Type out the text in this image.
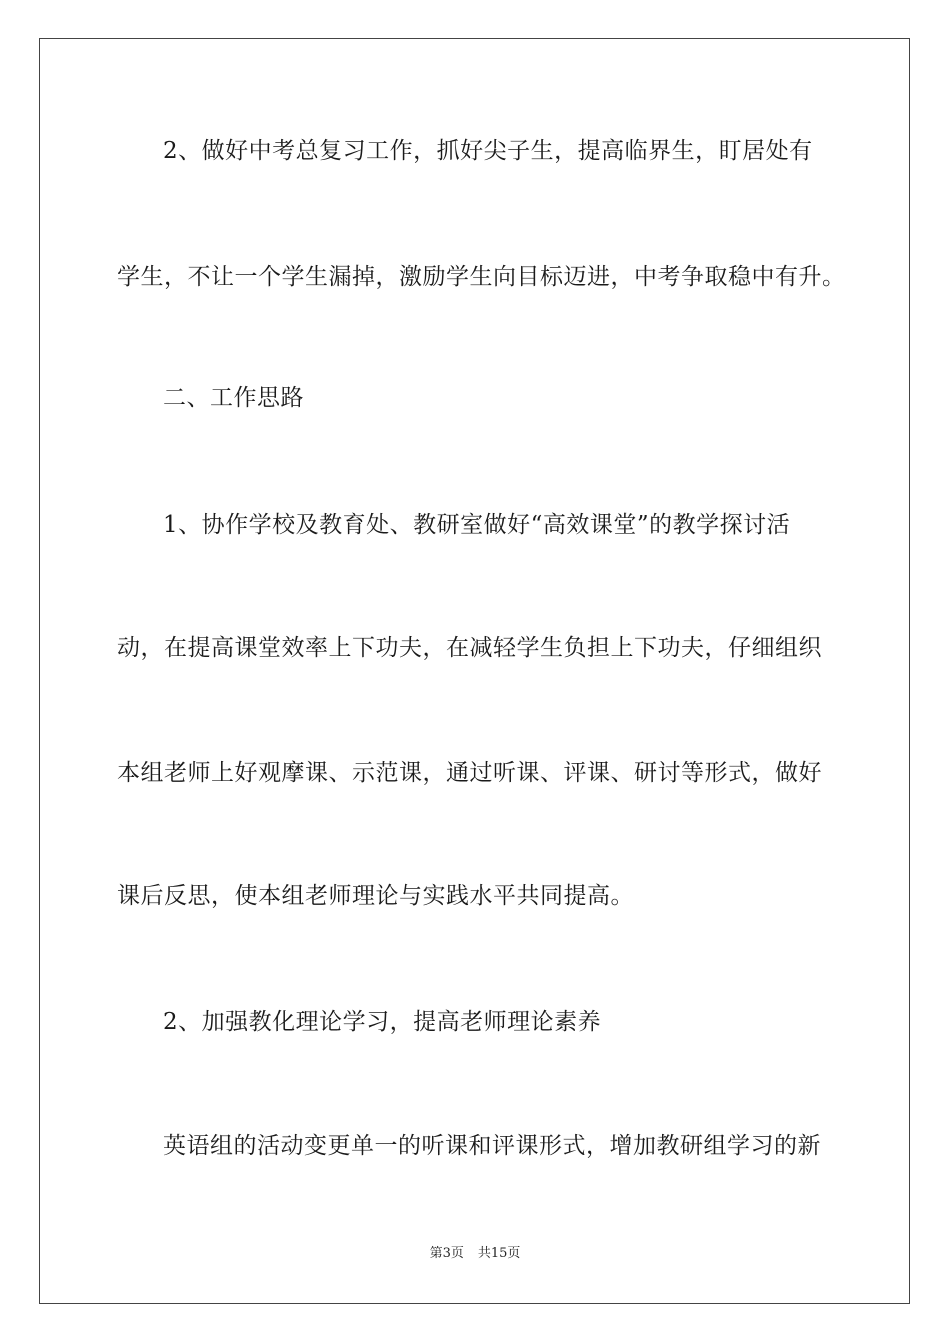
2、做好中考总复习工作，抓好尖子生，提高临界生，盯居处有
学生，不让一个学生漏掉，激励学生向目标迈进，中考争取稳中有升。
二、工作思路
1、协作学校及教育处、教研室做好“高效课堂”的教学探讨活
动，在提高课堂效率上下功夫，在减轻学生负担上下功夫，仔细组织
本组老师上好观摩课、示范课，通过听课、评课、研讨等形式，做好
课后反思，使本组老师理论与实践水平共同提高。
2、加强教化理论学习，提高老师理论素养
英语组的活动变更单一的听课和评课形式，增加教研组学习的新
第3页 共15页
